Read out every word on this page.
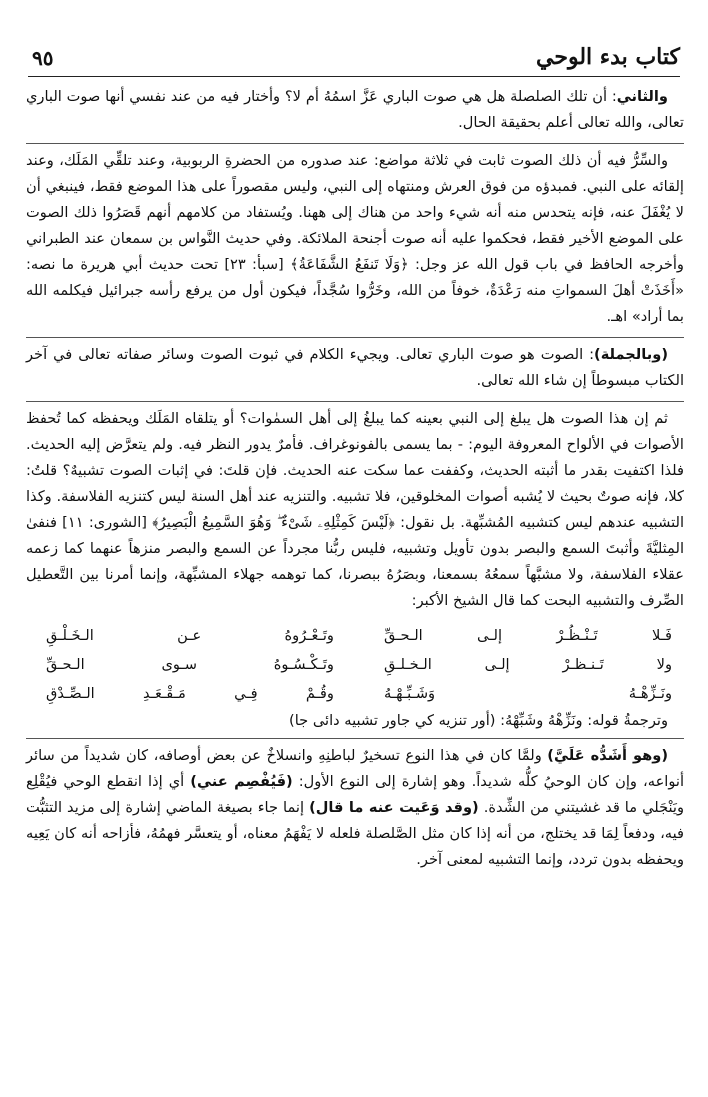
كتاب بدء الوحي
٩٥

والثاني: أن تلك الصلصلة هل هي صوت الباري عَزَّ اسمُهُ أم لا؟ وأختار فيه من عند نفسي أنها صوت الباري تعالى، والله تعالى أعلم بحقيقة الحال.

والسِّرُّ فيه أن ذلك الصوت ثابت في ثلاثة مواضع: عند صدوره من الحضرةِ الربوبية، وعند تلقِّي المَلَك، وعند إلقائه على النبي. فمبدؤه من فوق العرش ومنتهاه إلى النبي، وليس مقصوراً على هذا الموضع فقط، فينبغي أن لا يُغْفَلَ عنه، فإنه يتحدس منه أنه شيء واحد من هناك إلى ههنا. ويُستفاد من كلامهم أنهم قَصَرُوا ذلك الصوت على الموضع الأخير فقط، فحكموا عليه أنه صوت أجنحة الملائكة. وفي حديث النَّواس بن سمعان عند الطبراني وأخرجه الحافظ في باب قول الله عز وجل: ﴿وَلَا تَنفَعُ الشَّفَاعَةُ﴾ [سبأ: ٢٣] تحت حديث أبي هريرة ما نصه: «أَخَذَتْ أهلَ السمواتِ منه رَعْدَةٌ، خوفاً من الله، وخَرُّوا سُجَّداً، فيكون أول من يرفع رأسه جبرائيل فيكلمه الله بما أراد» اهـ.

(وبالجملة): الصوت هو صوت الباري تعالى. ويجيء الكلام في ثبوت الصوت وسائر صفاته تعالى في آخر الكتاب مبسوطاً إن شاء الله تعالى.

ثم إن هذا الصوت هل يبلغ إلى النبي بعينه كما يبلغُ إلى أهل السمٰوات؟ أو يتلقاه المَلَك ويحفظه كما تُحفظ الأصوات في الألواح المعروفة اليوم: - بما يسمى بالفونوغراف. فأمرٌ يدور النظر فيه. ولم يتعرَّض إليه الحديث. فلذا اكتفيت بقدر ما أثبته الحديث، وكففت عما سكت عنه الحديث. فإن قلتَ: في إثبات الصوت تشبيهٌ؟ قلتُ: كلا، فإنه صوتٌ بحيث لا يُشبه أصوات المخلوقين، فلا تشبيه. والتنزيه عند أهل السنة ليس كتنزيه الفلاسفة. وكذا التشبيه عندهم ليس كتشبيه المُشبِّهة. بل نقول: ﴿لَيْسَ كَمِثْلِهِۦ شَىْءٌ ۖ وَهُوَ السَّمِيعُ الْبَصِيرُ﴾ [الشورى: ١١] فنفىٰ المِثليَّةَ وأثبتَ السمع والبصر بدون تأويل وتشبيه، فليس ربُّنا مجرداً عن السمع والبصر منزهاً عنهما كما زعمه عقلاء الفلاسفة، ولا مشبَّهاً سمعُهُ بسمعنا، وبصَرُهُ ببصرنا، كما توهمه جهلاء المشبِّهة، وإنما أمرنا بين التَّعطيل الصِّرف والتشبيه البحت كما قال الشيخ الأكبر:

فَـلا تَـنْـظُـرْ إلـى الـحـقِّ
وتَـعْـرُوهُ عـن الـخَـلْـقِ
ولا تَـنـظـرْ إلـى الـخـلـقِ
وتَـكْـسُـوهُ سـوى الـحـقِّ
ونَـزِّهْـهُ وَشَـبِّـهْـهُ
وقُـمْ فِـي مَـقْـعَـدِ الـصِّـدْقِ

وترجمةُ قوله: ونَزِّهْهُ وشَبِّهْهُ: (أور تنزيه كي جاور تشبيه دائى جا)

(وهو أَشَدُّه عَلَيَّ) ولمَّا كان في هذا النوع تسخيرٌ لباطنِهِ وانسلاخٌ عن بعض أوصافه، كان شديداً من سائر أنواعه، وإن كان الوحيُ كلُّه شديداً. وهو إشارة إلى النوع الأول: (فَيُفْصِم عني) أي إذا انقطع الوحي فيُقْلِع ويَنْجَلي ما قد غشيتني من الشِّدة. (وقد وَعَيت عنه ما قال) إنما جاء بصيغة الماضي إشارة إلى مزيد التثبُّت فيه، ودفعاً لِمَا قد يختلج، من أنه إذا كان مثل الصَّلصلة فلعله لا يَفْهَمُ معناه، أو يتعسَّر فهمُهُ، فأزاحه أنه كان يَعِيه ويحفظه بدون تردد، وإنما التشبيه لمعنى آخر.
